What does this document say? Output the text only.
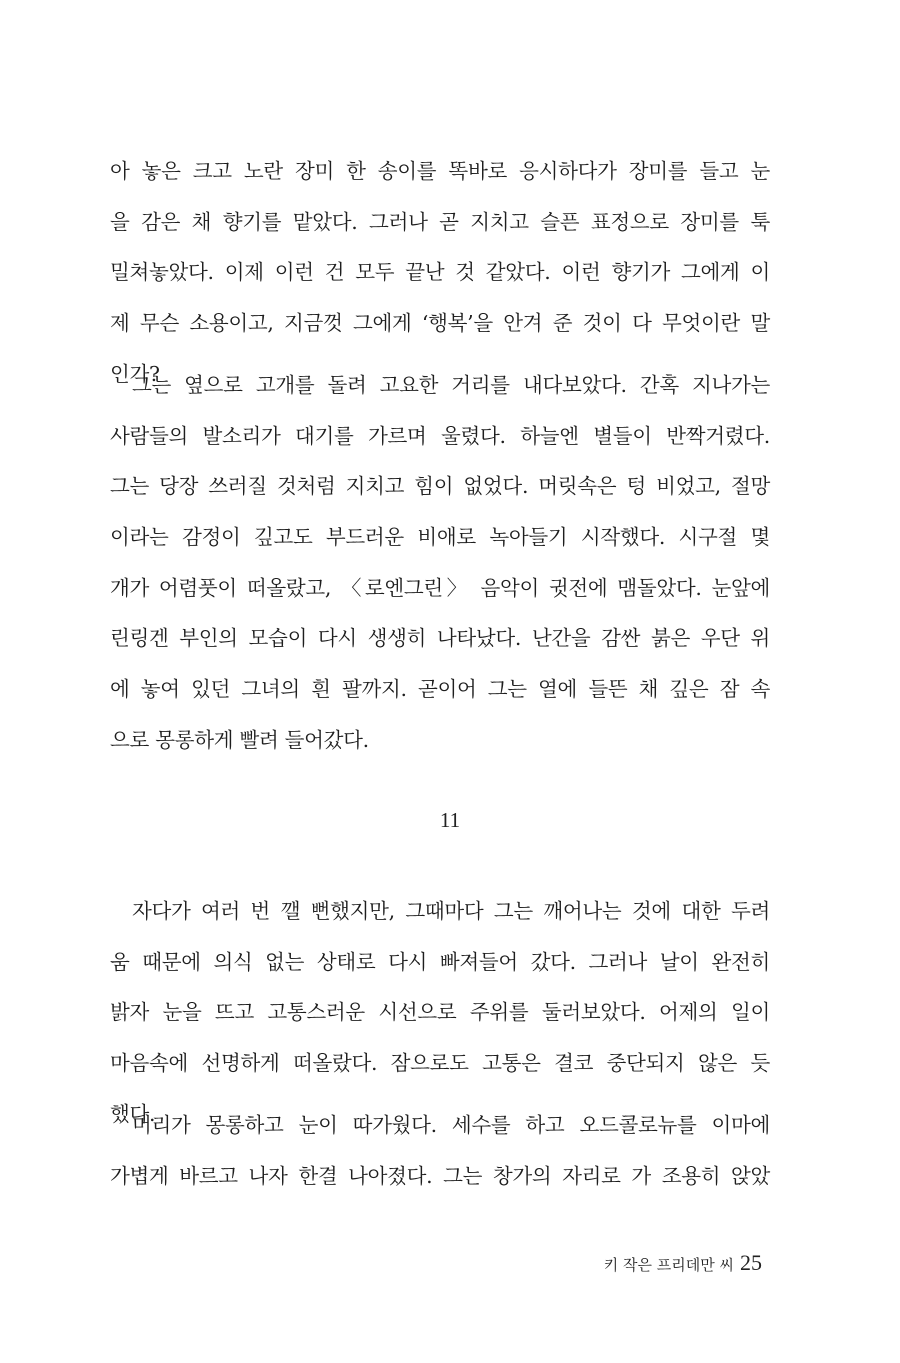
아 놓은 크고 노란 장미 한 송이를 똑바로 응시하다가 장미를 들고 눈
을 감은 채 향기를 맡았다. 그러나 곧 지치고 슬픈 표정으로 장미를 툭
밀쳐놓았다. 이제 이런 건 모두 끝난 것 같았다. 이런 향기가 그에게 이
제 무슨 소용이고, 지금껏 그에게 ‘행복’을 안겨 준 것이 다 무엇이란 말
인가?
그는 옆으로 고개를 돌려 고요한 거리를 내다보았다. 간혹 지나가는
사람들의 발소리가 대기를 가르며 울렸다. 하늘엔 별들이 반짝거렸다.
그는 당장 쓰러질 것처럼 지치고 힘이 없었다. 머릿속은 텅 비었고, 절망
이라는 감정이 깊고도 부드러운 비애로 녹아들기 시작했다. 시구절 몇
개가 어렴풋이 떠올랐고, 〈로엔그린〉 음악이 귓전에 맴돌았다. 눈앞에
린링겐 부인의 모습이 다시 생생히 나타났다. 난간을 감싼 붉은 우단 위
에 놓여 있던 그녀의 흰 팔까지. 곧이어 그는 열에 들뜬 채 깊은 잠 속
으로 몽롱하게 빨려 들어갔다.
11
자다가 여러 번 깰 뻔했지만, 그때마다 그는 깨어나는 것에 대한 두려
움 때문에 의식 없는 상태로 다시 빠져들어 갔다. 그러나 날이 완전히
밝자 눈을 뜨고 고통스러운 시선으로 주위를 둘러보았다. 어제의 일이
마음속에 선명하게 떠올랐다. 잠으로도 고통은 결코 중단되지 않은 듯
했다.
머리가 몽롱하고 눈이 따가웠다. 세수를 하고 오드콜로뉴를 이마에
가볍게 바르고 나자 한결 나아졌다. 그는 창가의 자리로 가 조용히 앉았
키 작은 프리데만 씨 25
